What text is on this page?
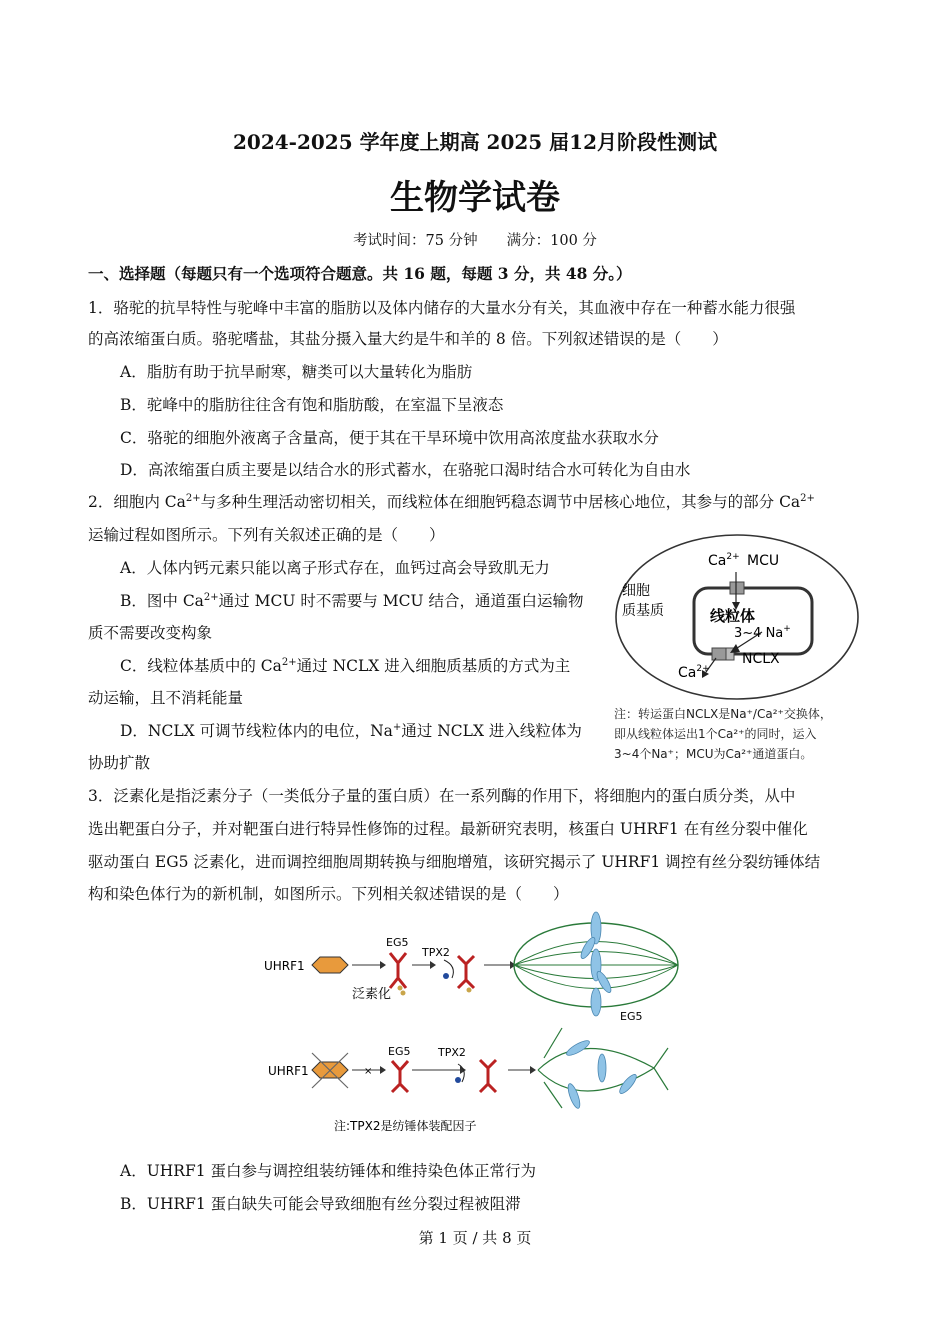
2024-2025 学年度上期高 2025 届12月阶段性测试
生物学试卷
考试时间：75 分钟　　满分：100 分
一、选择题（每题只有一个选项符合题意。共 16 题，每题 3 分，共 48 分。）
1．骆驼的抗旱特性与驼峰中丰富的脂肪以及体内储存的大量水分有关，其血液中存在一种蓄水能力很强
的高浓缩蛋白质。骆驼嗜盐，其盐分摄入量大约是牛和羊的 8 倍。下列叙述错误的是（　　）
A．脂肪有助于抗旱耐寒，糖类可以大量转化为脂肪
B．驼峰中的脂肪往往含有饱和脂肪酸，在室温下呈液态
C．骆驼的细胞外液离子含量高，便于其在干旱环境中饮用高浓度盐水获取水分
D．高浓缩蛋白质主要是以结合水的形式蓄水，在骆驼口渴时结合水可转化为自由水
2．细胞内 $Ca^{2+}$与多种生理活动密切相关，而线粒体在细胞钙稳态调节中居核心地位，其参与的部分 $Ca^{2+}$
运输过程如图所示。下列有关叙述正确的是（　　）
A．人体内钙元素只能以离子形式存在，血钙过高会导致肌无力
B．图中 $Ca^{2+}$通过 MCU 时不需要与 MCU 结合，通道蛋白运输物
质不需要改变构象
C．线粒体基质中的 $Ca^{2+}$通过 NCLX 进入细胞质基质的方式为主
动运输，且不消耗能量
D．NCLX 可调节线粒体内的电位，Na+通过 NCLX 进入线粒体为
协助扩散
$Ca^{2+}$ MCU
细胞
质基质	线粒体
3~4 Na+
NCLX
$Ca^{2+}$
注：转运蛋白NCLX是Na⁺/Ca²⁺交换体，
即从线粒体运出1个Ca²⁺的同时，运入
3~4个Na⁺；MCU为Ca²⁺通道蛋白。
3．泛素化是指泛素分子（一类低分子量的蛋白质）在一系列酶的作用下，将细胞内的蛋白质分类，从中
选出靶蛋白分子，并对靶蛋白进行特异性修饰的过程。最新研究表明，核蛋白 UHRF1 在有丝分裂中催化
驱动蛋白 EG5 泛素化，进而调控细胞周期转换与细胞增殖，该研究揭示了 UHRF1 调控有丝分裂纺锤体结
构和染色体行为的新机制，如图所示。下列相关叙述错误的是（　　）
UHRF1
EG5
泛素化
TPX2
UHRF1	×
EG5	TPX2
EG5
注:TPX2是纺锤体装配因子
A．UHRF1 蛋白参与调控组装纺锤体和维持染色体正常行为
B．UHRF1 蛋白缺失可能会导致细胞有丝分裂过程被阻滞
第 1 页 / 共 8 页
